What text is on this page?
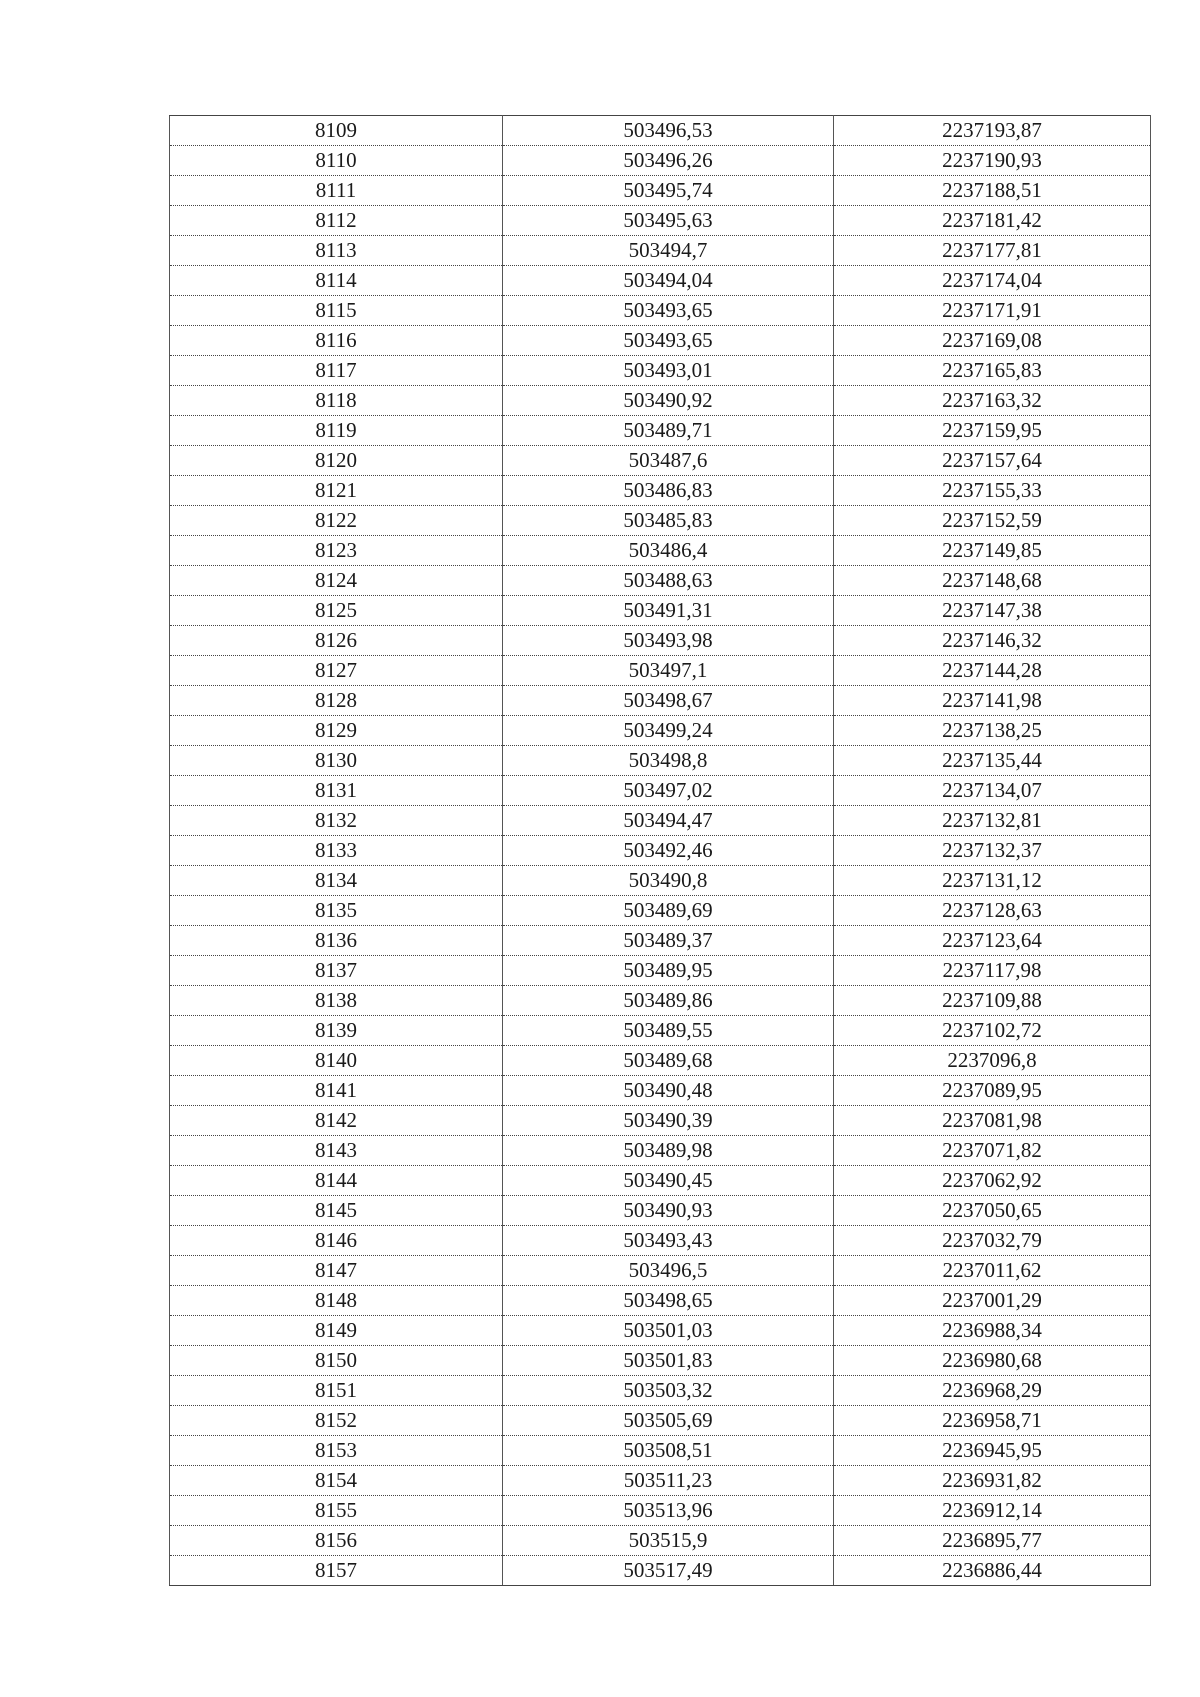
8109	503496,53	2237193,87
8110	503496,26	2237190,93
8111	503495,74	2237188,51
8112	503495,63	2237181,42
8113	503494,7	2237177,81
8114	503494,04	2237174,04
8115	503493,65	2237171,91
8116	503493,65	2237169,08
8117	503493,01	2237165,83
8118	503490,92	2237163,32
8119	503489,71	2237159,95
8120	503487,6	2237157,64
8121	503486,83	2237155,33
8122	503485,83	2237152,59
8123	503486,4	2237149,85
8124	503488,63	2237148,68
8125	503491,31	2237147,38
8126	503493,98	2237146,32
8127	503497,1	2237144,28
8128	503498,67	2237141,98
8129	503499,24	2237138,25
8130	503498,8	2237135,44
8131	503497,02	2237134,07
8132	503494,47	2237132,81
8133	503492,46	2237132,37
8134	503490,8	2237131,12
8135	503489,69	2237128,63
8136	503489,37	2237123,64
8137	503489,95	2237117,98
8138	503489,86	2237109,88
8139	503489,55	2237102,72
8140	503489,68	2237096,8
8141	503490,48	2237089,95
8142	503490,39	2237081,98
8143	503489,98	2237071,82
8144	503490,45	2237062,92
8145	503490,93	2237050,65
8146	503493,43	2237032,79
8147	503496,5	2237011,62
8148	503498,65	2237001,29
8149	503501,03	2236988,34
8150	503501,83	2236980,68
8151	503503,32	2236968,29
8152	503505,69	2236958,71
8153	503508,51	2236945,95
8154	503511,23	2236931,82
8155	503513,96	2236912,14
8156	503515,9	2236895,77
8157	503517,49	2236886,44
